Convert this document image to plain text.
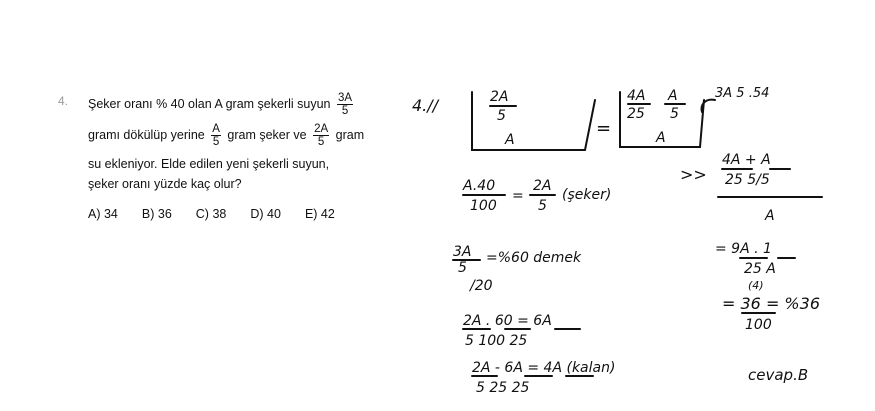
4. Şeker oranı % 40 olan A gram şekerli suyun $\frac{3A}{5}$
gramı dökülüp yerine $\frac{A}{5}$ gram şeker ve $\frac{2A}{5}$ gram
su ekleniyor. Elde edilen yeni şekerli suyun,
şeker oranı yüzde kaç olur?
A) 34 B) 36 C) 38 D) 40 E) 42
4.//	2A
5
A
=
4A
25
A
5
A
3A 5 .54
A.40
100
=
2A
5
(şeker)
3A
5
=%60 demek
/20
2A . 60 = 6A
5 100 25
2A - 6A = 4A (kalan)
5 25 25
>>
4A + A
25 5/5
A
= 9A . 1
25 A
(4)
= 36 = %36
100
cevap.B
